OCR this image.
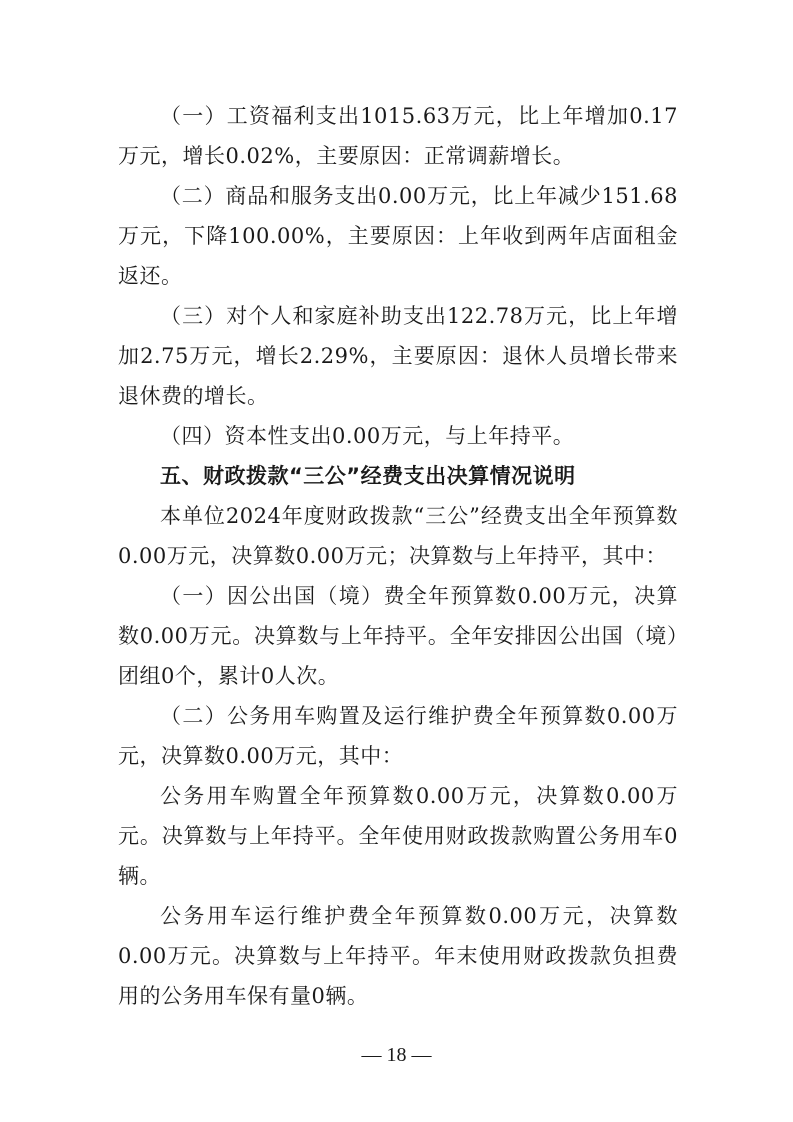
（一）工资福利支出1015.63万元，比上年增加0.17万元，增长0.02%，主要原因：正常调薪增长。

（二）商品和服务支出0.00万元，比上年减少151.68万元，下降100.00%，主要原因：上年收到两年店面租金返还。

（三）对个人和家庭补助支出122.78万元，比上年增加2.75万元，增长2.29%，主要原因：退休人员增长带来退休费的增长。

（四）资本性支出0.00万元，与上年持平。

五、财政拨款“三公”经费支出决算情况说明

本单位2024年度财政拨款“三公”经费支出全年预算数0.00万元，决算数0.00万元；决算数与上年持平，其中：

（一）因公出国（境）费全年预算数0.00万元，决算数0.00万元。决算数与上年持平。全年安排因公出国（境）团组0个，累计0人次。

（二）公务用车购置及运行维护费全年预算数0.00万元，决算数0.00万元，其中：

公务用车购置全年预算数0.00万元，决算数0.00万元。决算数与上年持平。全年使用财政拨款购置公务用车0辆。

公务用车运行维护费全年预算数0.00万元，决算数0.00万元。决算数与上年持平。年末使用财政拨款负担费用的公务用车保有量0辆。

— 18 —
